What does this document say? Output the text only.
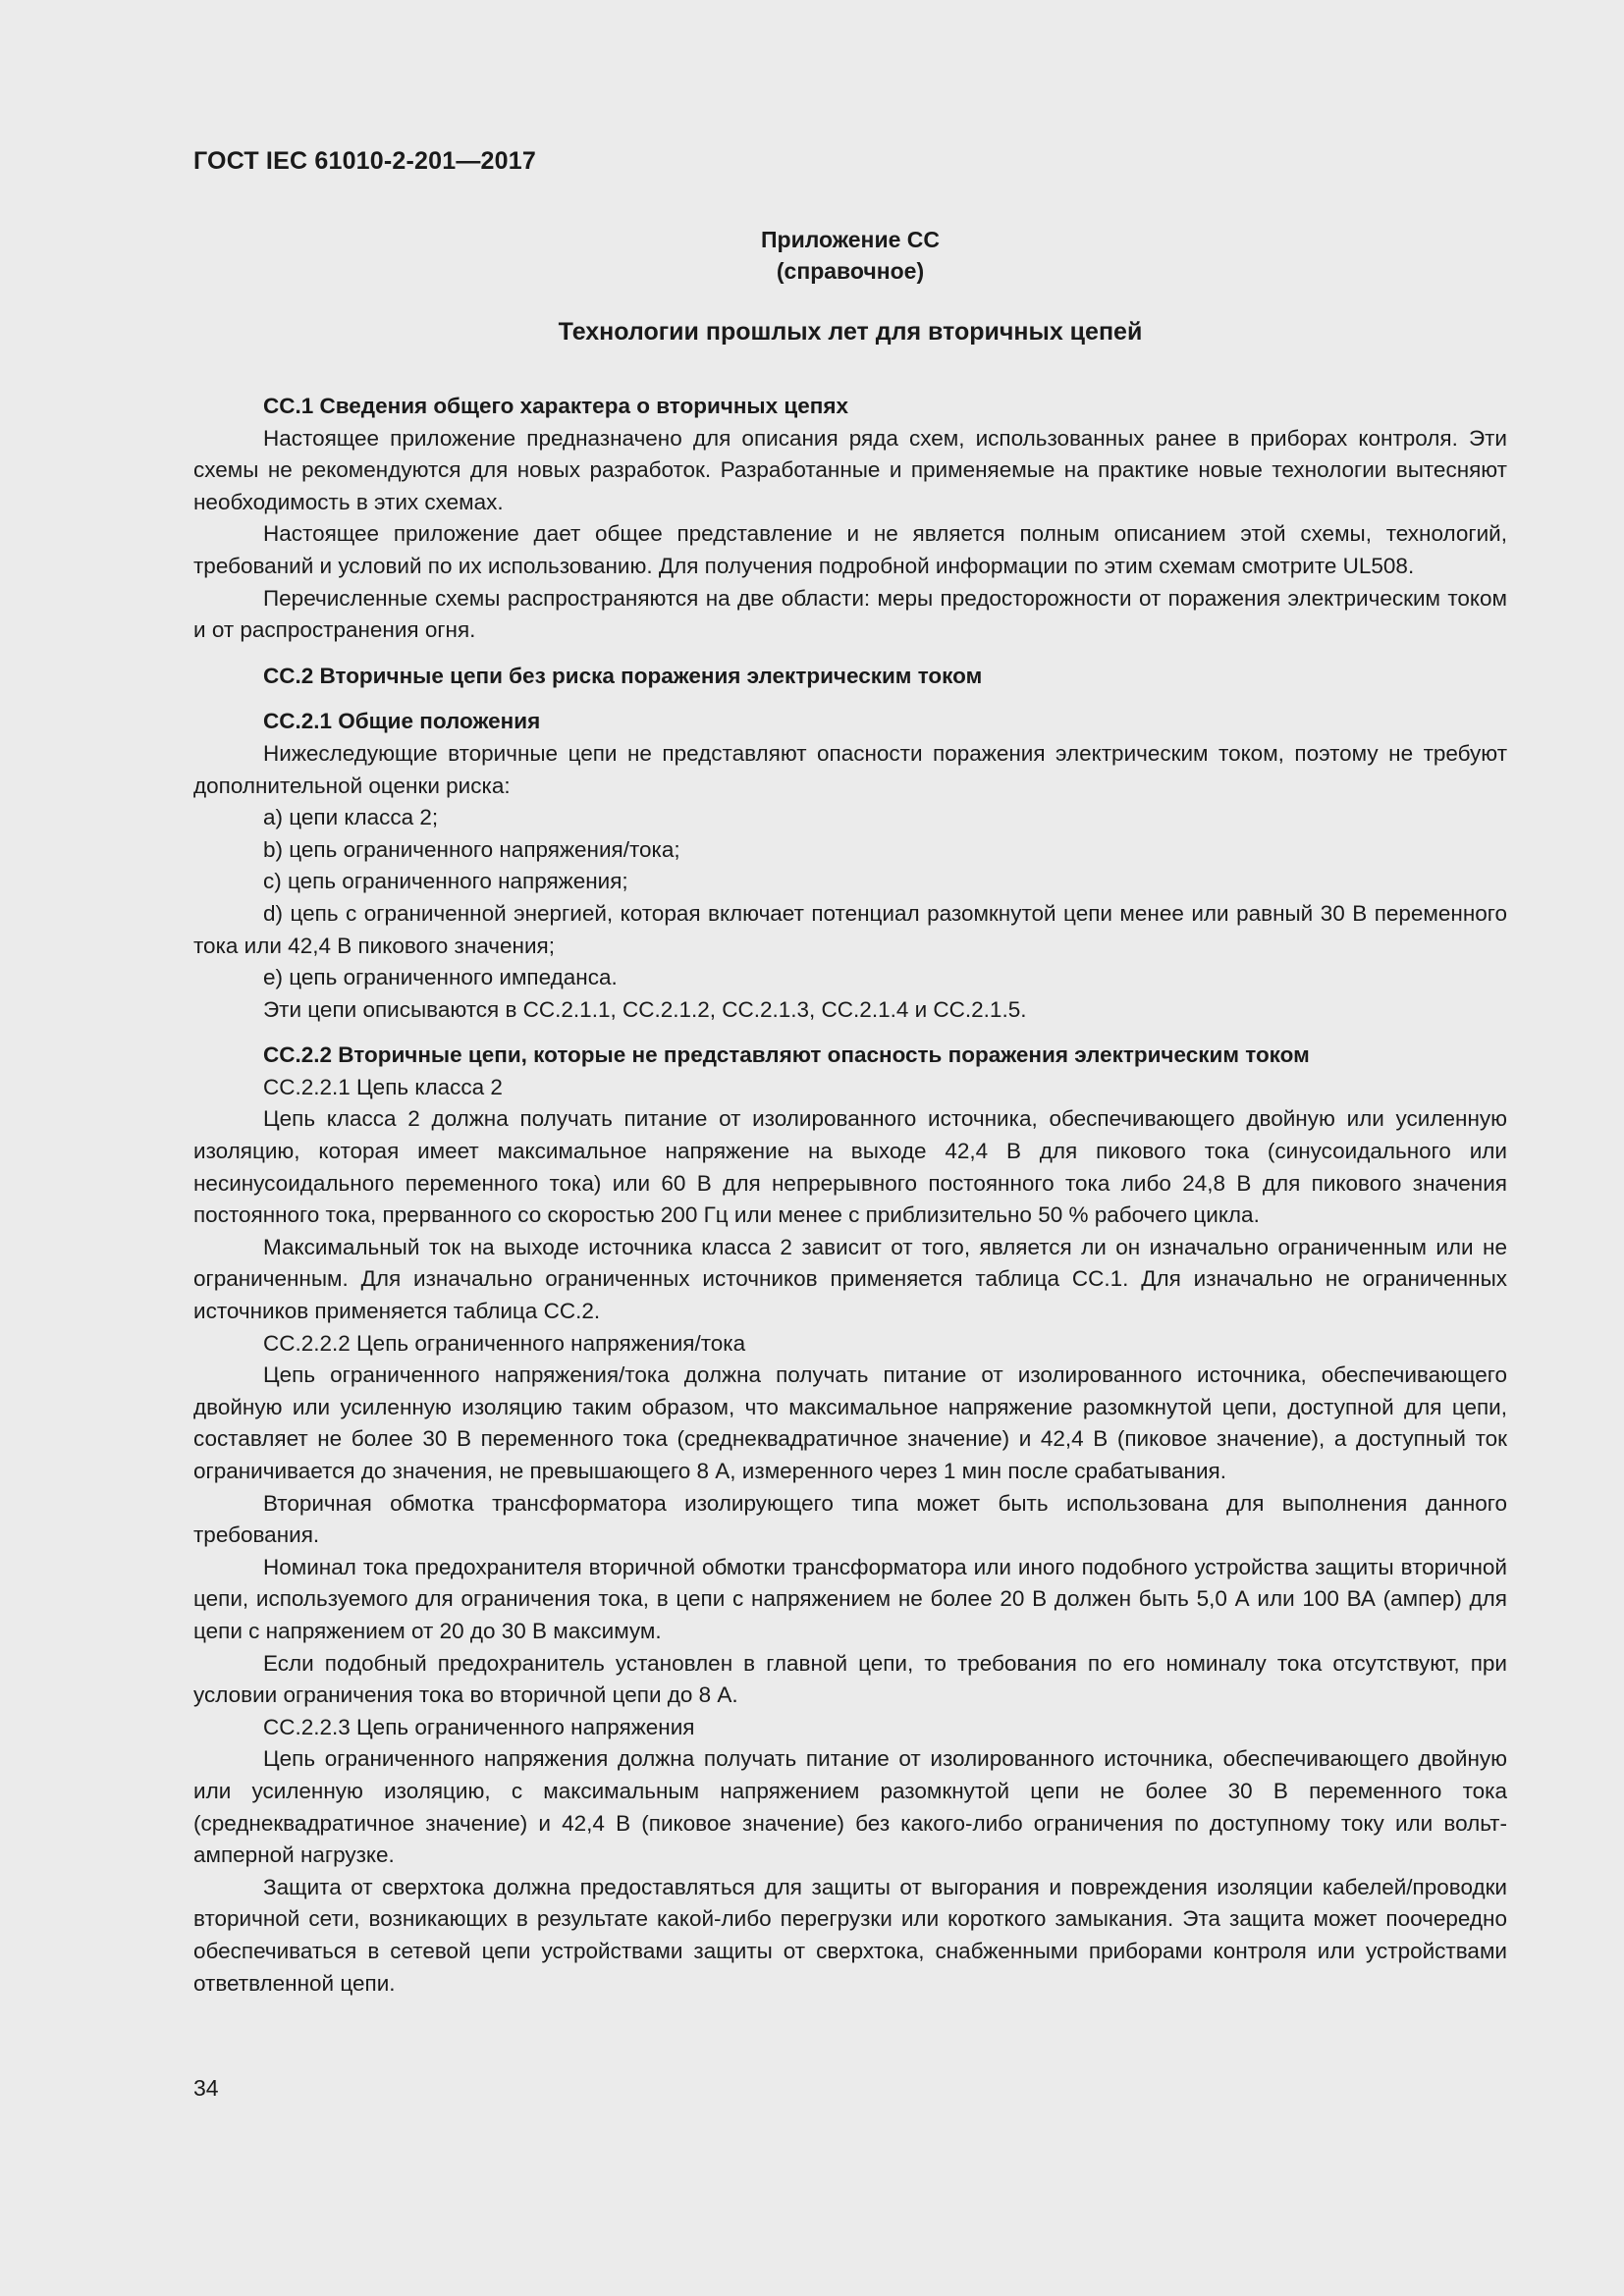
ГОСТ IEC 61010-2-201—2017
Приложение CC
(справочное)
Технологии прошлых лет для вторичных цепей
CC.1 Сведения общего характера о вторичных цепях

Настоящее приложение предназначено для описания ряда схем, использованных ранее в приборах контроля. Эти схемы не рекомендуются для новых разработок. Разработанные и применяемые на практике новые технологии вытесняют необходимость в этих схемах.

Настоящее приложение дает общее представление и не является полным описанием этой схемы, технологий, требований и условий по их использованию. Для получения подробной информации по этим схемам смотрите UL508.

Перечисленные схемы распространяются на две области: меры предосторожности от поражения электрическим током и от распространения огня.

CC.2 Вторичные цепи без риска поражения электрическим током
CC.2.1 Общие положения

Нижеследующие вторичные цепи не представляют опасности поражения электрическим током, поэтому не требуют дополнительной оценки риска:

a) цепи класса 2;

b) цепь ограниченного напряжения/тока;

c) цепь ограниченного напряжения;

d) цепь с ограниченной энергией, которая включает потенциал разомкнутой цепи менее или равный 30 В переменного тока или 42,4 В пикового значения;

e) цепь ограниченного импеданса.

Эти цепи описываются в CC.2.1.1, CC.2.1.2, CC.2.1.3, CC.2.1.4 и CC.2.1.5.

CC.2.2 Вторичные цепи, которые не представляют опасность поражения электрическим током
CC.2.2.1 Цепь класса 2

Цепь класса 2 должна получать питание от изолированного источника, обеспечивающего двойную или усиленную изоляцию, которая имеет максимальное напряжение на выходе 42,4 В для пикового тока (синусоидального или несинусоидального переменного тока) или 60 В для непрерывного постоянного тока либо 24,8 В для пикового значения постоянного тока, прерванного со скоростью 200 Гц или менее с приблизительно 50 % рабочего цикла.

Максимальный ток на выходе источника класса 2 зависит от того, является ли он изначально ограниченным или не ограниченным. Для изначально ограниченных источников применяется таблица CC.1. Для изначально не ограниченных источников применяется таблица CC.2.

CC.2.2.2 Цепь ограниченного напряжения/тока

Цепь ограниченного напряжения/тока должна получать питание от изолированного источника, обеспечивающего двойную или усиленную изоляцию таким образом, что максимальное напряжение разомкнутой цепи, доступной для цепи, составляет не более 30 В переменного тока (среднеквадратичное значение) и 42,4 В (пиковое значение), а доступный ток ограничивается до значения, не превышающего 8 А, измеренного через 1 мин после срабатывания.

Вторичная обмотка трансформатора изолирующего типа может быть использована для выполнения данного требования.

Номинал тока предохранителя вторичной обмотки трансформатора или иного подобного устройства защиты вторичной цепи, используемого для ограничения тока, в цепи с напряжением не более 20 В должен быть 5,0 А или 100 ВА (ампер) для цепи с напряжением от 20 до 30 В максимум.

Если подобный предохранитель установлен в главной цепи, то требования по его номиналу тока отсутствуют, при условии ограничения тока во вторичной цепи до 8 А.

CC.2.2.3 Цепь ограниченного напряжения

Цепь ограниченного напряжения должна получать питание от изолированного источника, обеспечивающего двойную или усиленную изоляцию, с максимальным напряжением разомкнутой цепи не более 30 В переменного тока (среднеквадратичное значение) и 42,4 В (пиковое значение) без какого-либо ограничения по доступному току или вольт-амперной нагрузке.

Защита от сверхтока должна предоставляться для защиты от выгорания и повреждения изоляции кабелей/проводки вторичной сети, возникающих в результате какой-либо перегрузки или короткого замыкания. Эта защита может поочередно обеспечиваться в сетевой цепи устройствами защиты от сверхтока, снабженными приборами контроля или устройствами ответвленной цепи.

34
